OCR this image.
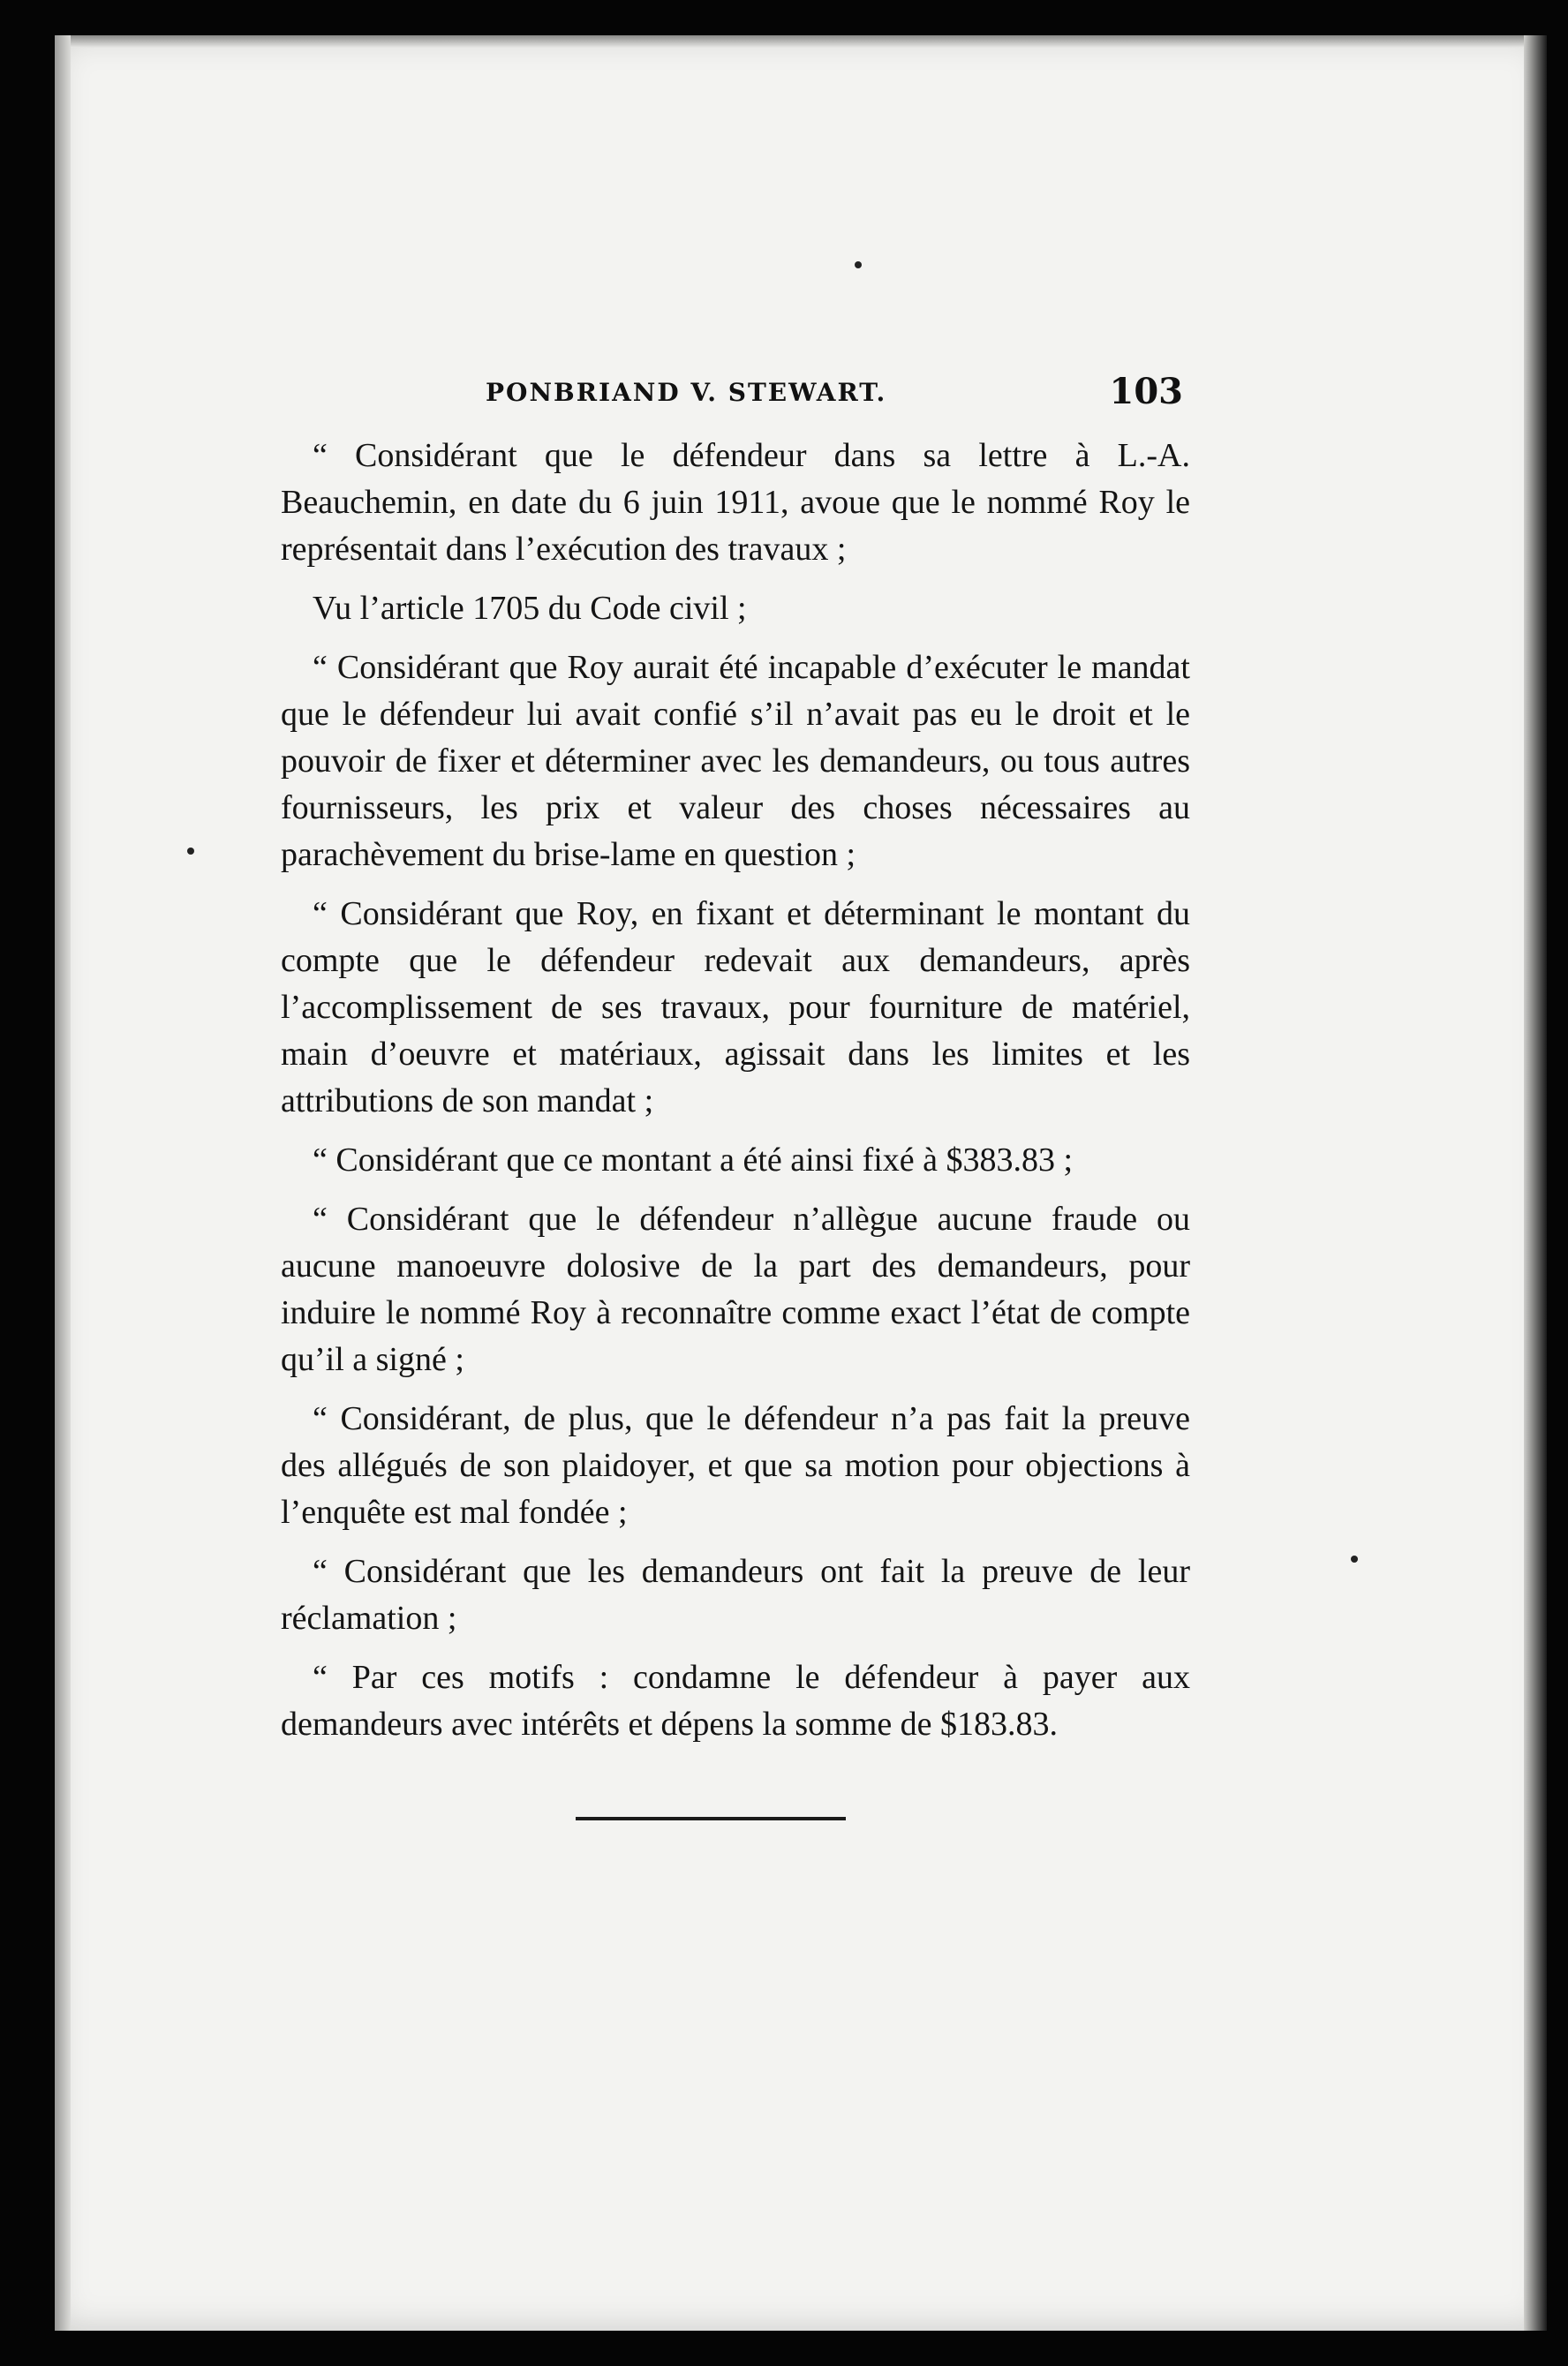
PONBRIAND V. STEWART.	103

“ Considérant que le défendeur dans sa lettre à L.-A. Beauchemin, en date du 6 juin 1911, avoue que le nommé Roy le représentait dans l’exécution des travaux ;

Vu l’article 1705 du Code civil ;

“ Considérant que Roy aurait été incapable d’exécuter le mandat que le défendeur lui avait confié s’il n’avait pas eu le droit et le pouvoir de fixer et déterminer avec les demandeurs, ou tous autres fournisseurs, les prix et valeur des choses nécessaires au parachèvement du brise-lame en question ;

“ Considérant que Roy, en fixant et déterminant le montant du compte que le défendeur redevait aux demandeurs, après l’accomplissement de ses travaux, pour fourniture de matériel, main d’oeuvre et matériaux, agissait dans les limites et les attributions de son mandat ;

“ Considérant que ce montant a été ainsi fixé à $383.83 ;

“ Considérant que le défendeur n’allègue aucune fraude ou aucune manoeuvre dolosive de la part des demandeurs, pour induire le nommé Roy à reconnaître comme exact l’état de compte qu’il a signé ;

“ Considérant, de plus, que le défendeur n’a pas fait la preuve des allégués de son plaidoyer, et que sa motion pour objections à l’enquête est mal fondée ;

“ Considérant que les demandeurs ont fait la preuve de leur réclamation ;

“ Par ces motifs : condamne le défendeur à payer aux demandeurs avec intérêts et dépens la somme de $183.83.
